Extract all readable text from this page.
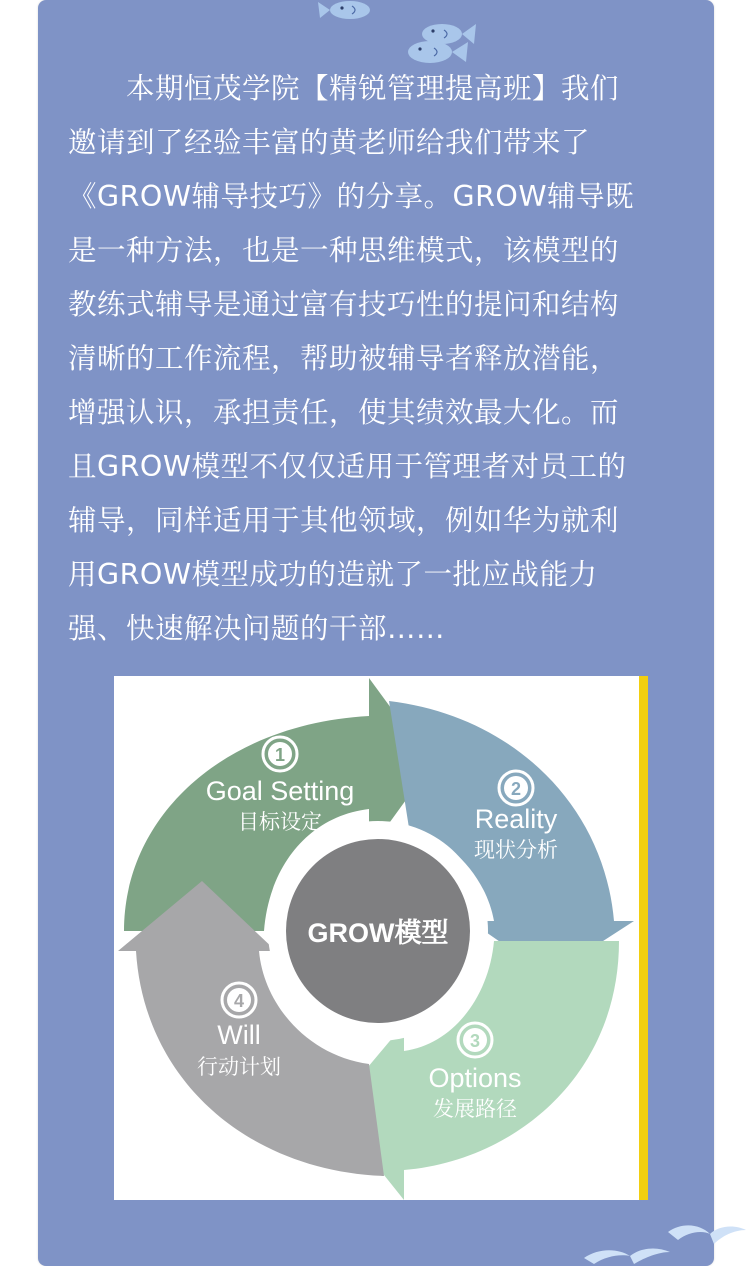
本期恒茂学院【精锐管理提高班】我们
邀请到了经验丰富的黄老师给我们带来了
《GROW辅导技巧》的分享。GROW辅导既
是一种方法，也是一种思维模式，该模型的
教练式辅导是通过富有技巧性的提问和结构
清晰的工作流程，帮助被辅导者释放潜能，
增强认识，承担责任，使其绩效最大化。而
且GROW模型不仅仅适用于管理者对员工的
辅导，同样适用于其他领域，例如华为就利
用GROW模型成功的造就了一批应战能力
强、快速解决问题的干部……
GROW模型
1
Goal Setting
目标设定
2
Reality
现状分析
3
Options
发展路径
4
Will
行动计划
